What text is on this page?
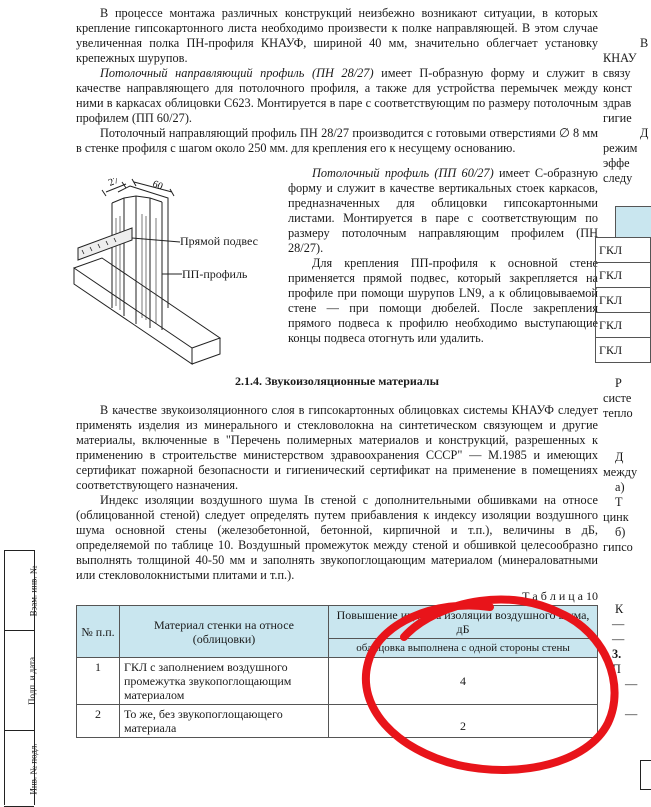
Взам. инв. №
Подп. и дата
Инв. № подл.

В процессе монтажа различных конструкций неизбежно возникают ситуации, в которых крепление гипсокартонного листа необходимо произвести к полке направляющей. В этом случае увеличенная полка ПН-профиля КНАУФ, шириной 40 мм, значительно облегчает установку крепежных шурупов.

Потолочный направляющий профиль (ПН 28/27) имеет П-образную форму и служит в качестве направляющего для потолочного профиля, а также для устройства перемычек между ними в каркасах облицовки С623. Монтируется в паре с соответствующим по размеру потолочным профилем (ПП 60/27).

Потолочный направляющий профиль ПН 28/27 производится с готовыми отверстиями ∅ 8 мм в стенке профиля с шагом около 250 мм. для крепления его к несущему основанию.

27	60
Прямой подвес
ПП-профиль

Потолочный профиль (ПП 60/27) имеет С-образную форму и служит в качестве вертикальных стоек каркасов, предназначенных для облицовки гипсокартонными листами. Монтируется в паре с соответствующим по размеру потолочным направляющим профилем (ПН 28/27).

Для крепления ПП-профиля к основной стене применяется прямой подвес, который закрепляется на профиле при помощи шурупов LN9, а к облицовываемой стене — при помощи дюбелей. После закрепления прямого подвеса к профилю необходимо выступающие концы подвеса отогнуть или удалить.

2.1.4. Звукоизоляционные материалы

В качестве звукоизоляционного слоя в гипсокартонных облицовках системы КНАУФ следует применять изделия из минерального и стекловолокна на синтетическом связующем и другие материалы, включенные в "Перечень полимерных материалов и конструкций, разрешенных к применению в строительстве министерством здравоохранения СССР" — М.1985 и имеющих сертификат пожарной безопасности и гигиенический сертификат на применение в помещениях соответствующего назначения.

Индекс изоляции воздушного шума Iв стеной с дополнительными обшивками на относе (облицованной стеной) следует определять путем прибавления к индексу изоляции воздушного шума основной стены (железобетонной, бетонной, кирпичной и т.п.), величины в дБ, определяемой по таблице 10. Воздушный промежуток между стеной и обшивкой целесообразно выполнять толщиной 40-50 мм и заполнять звукопоглощающим материалом (минераловатными или стекловолокнистыми плитами и т.п.).

Т а б л и ц а 10
№ п.п.	Материал стенки на относе (облицовки)	Повышение индекса изоляции воздушного шума, дБ
		облицовка выполнена с одной стороны стены
1	ГКЛ с заполнением воздушного промежутка звукопоглощающим материалом	4
2	То же, без звукопоглощающего материала	2
В
КНАУ
связу
конст
здрав
гигие
Д
режим
эффе
следу
ГКЛ
ГКЛ
ГКЛ
ГКЛ
ГКЛ
Р
систе
тепло
Д
между
а)
Т
цинк
б)
гипсо
К
—
—
3.
П
—
—
